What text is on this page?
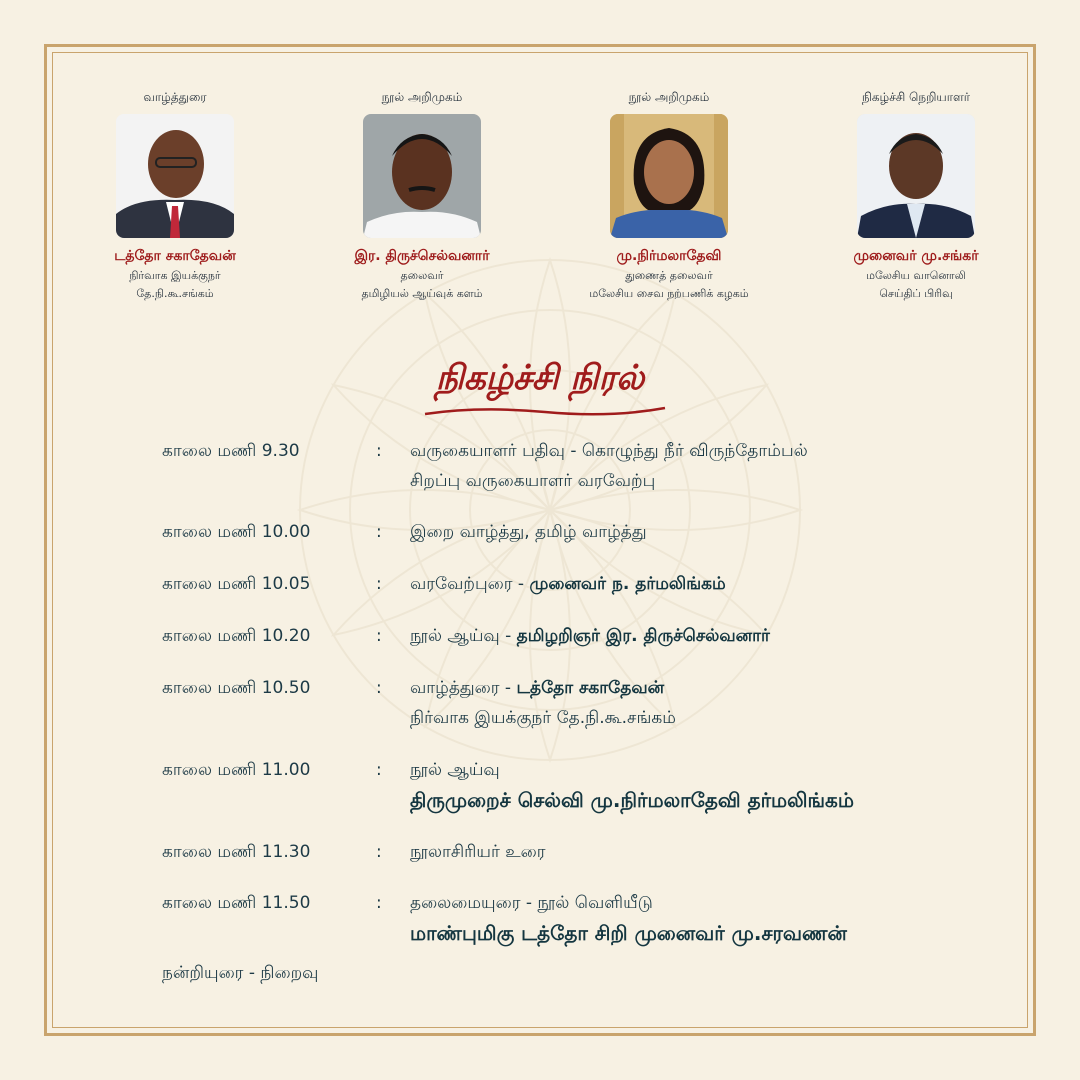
வாழ்த்துரை
டத்தோ சகாதேவன்
நிர்வாக இயக்குநர்
தே.நி.கூ.சங்கம்
நூல் அறிமுகம்
இர. திருச்செல்வனார்
தலைவர்
தமிழியல் ஆய்வுக் களம்
நூல் அறிமுகம்
மு.நிர்மலாதேவி
துணைத் தலைவர்
மலேசிய சைவ நற்பணிக் கழகம்
நிகழ்ச்சி நெறியாளர்
முனைவர் மு.சங்கர்
மலேசிய வானொலி
செய்திப் பிரிவு
நிகழ்ச்சி நிரல்
காலை மணி 9.30	: வருகையாளர் பதிவு - கொழுந்து நீர் விருந்தோம்பல்
சிறப்பு வருகையாளர் வரவேற்பு
காலை மணி 10.00	: இறை வாழ்த்து, தமிழ் வாழ்த்து
காலை மணி 10.05	: வரவேற்புரை - முனைவர் ந. தர்மலிங்கம்
காலை மணி 10.20	: நூல் ஆய்வு - தமிழறிஞர் இர. திருச்செல்வனார்
காலை மணி 10.50	: வாழ்த்துரை - டத்தோ சகாதேவன்
நிர்வாக இயக்குநர் தே.நி.கூ.சங்கம்
காலை மணி 11.00	: நூல் ஆய்வு
திருமுறைச் செல்வி மு.நிர்மலாதேவி தர்மலிங்கம்
காலை மணி 11.30	: நூலாசிரியர் உரை
காலை மணி 11.50	: தலைமையுரை - நூல் வெளியீடு
மாண்புமிகு டத்தோ சிறி முனைவர் மு.சரவணன்
நன்றியுரை - நிறைவு
